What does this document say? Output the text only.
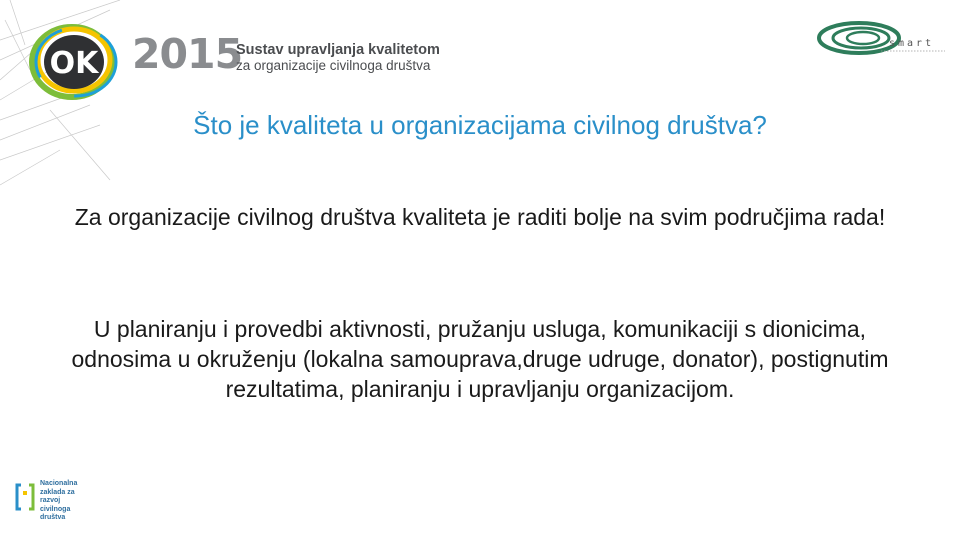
OK 2015
Sustav upravljanja kvalitetom
za organizacije civilnoga društva
smart
Što je kvaliteta u organizacijama civilnog društva?

Za organizacije civilnog društva kvaliteta je raditi bolje na svim područjima rada!

U planiranju i provedbi aktivnosti, pružanju usluga, komunikaciji s dionicima, odnosima u okruženju (lokalna samouprava,druge udruge, donator), postignutim rezultatima, planiranju i upravljanju organizacijom.

Nacionalna
zaklada za
razvoj
civilnoga
društva
